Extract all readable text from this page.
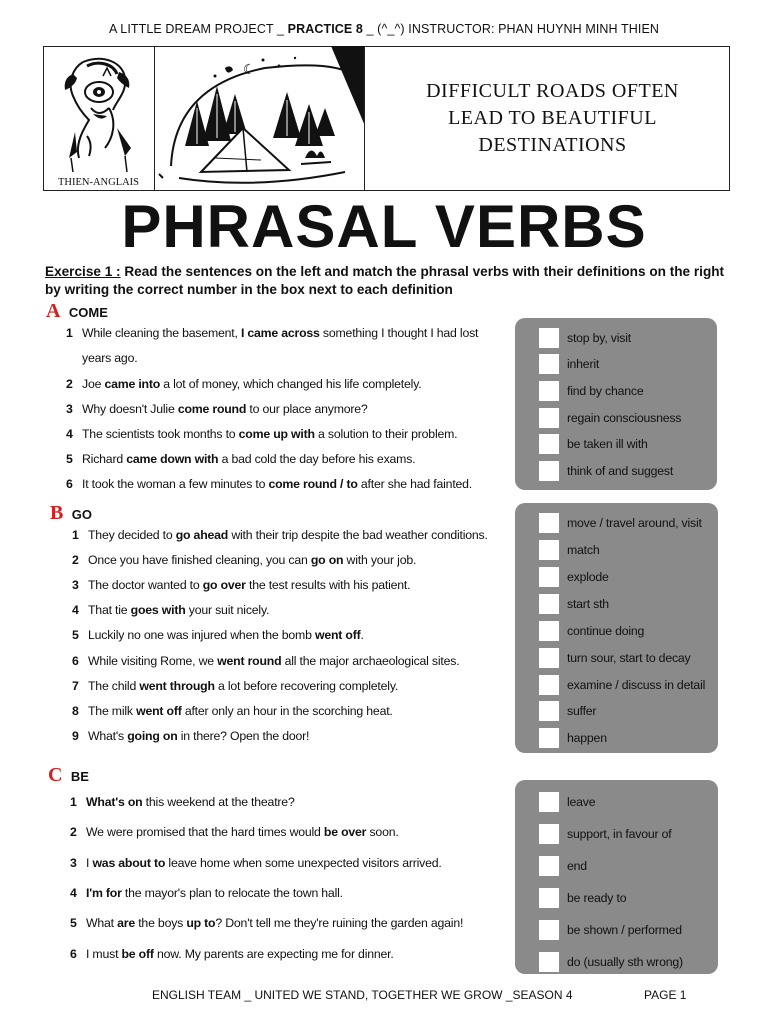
A LITTLE DREAM PROJECT _ PRACTICE 8 _ (^_^) INSTRUCTOR: PHAN HUYNH MINH THIEN
THIEN-ANGLAIS
☾
DIFFICULT ROADS OFTEN
LEAD TO BEAUTIFUL
DESTINATIONS
PHRASAL VERBS
Exercise 1 : Read the sentences on the left and match the phrasal verbs with their definitions on the right by writing the correct number in the box next to each definition
A COME
1 While cleaning the basement, I came across something I thought I had lost
years ago.
2 Joe came into a lot of money, which changed his life completely.
3 Why doesn't Julie come round to our place anymore?
4 The scientists took months to come up with a solution to their problem.
5 Richard came down with a bad cold the day before his exams.
6 It took the woman a few minutes to come round / to after she had fainted.
stop by, visit
inherit
find by chance
regain consciousness
be taken ill with
think of and suggest
B GO
1 They decided to go ahead with their trip despite the bad weather conditions.
2 Once you have finished cleaning, you can go on with your job.
3 The doctor wanted to go over the test results with his patient.
4 That tie goes with your suit nicely.
5 Luckily no one was injured when the bomb went off.
6 While visiting Rome, we went round all the major archaeological sites.
7 The child went through a lot before recovering completely.
8 The milk went off after only an hour in the scorching heat.
9 What's going on in there? Open the door!
move / travel around, visit
match
explode
start sth
continue doing
turn sour, start to decay
examine / discuss in detail
suffer
happen
C BE
1 What's on this weekend at the theatre?
2 We were promised that the hard times would be over soon.
3 I was about to leave home when some unexpected visitors arrived.
4 I'm for the mayor's plan to relocate the town hall.
5 What are the boys up to? Don't tell me they're ruining the garden again!
6 I must be off now. My parents are expecting me for dinner.
leave
support, in favour of
end
be ready to
be shown / performed
do (usually sth wrong)
ENGLISH TEAM _ UNITED WE STAND, TOGETHER WE GROW _SEASON 4	PAGE 1
